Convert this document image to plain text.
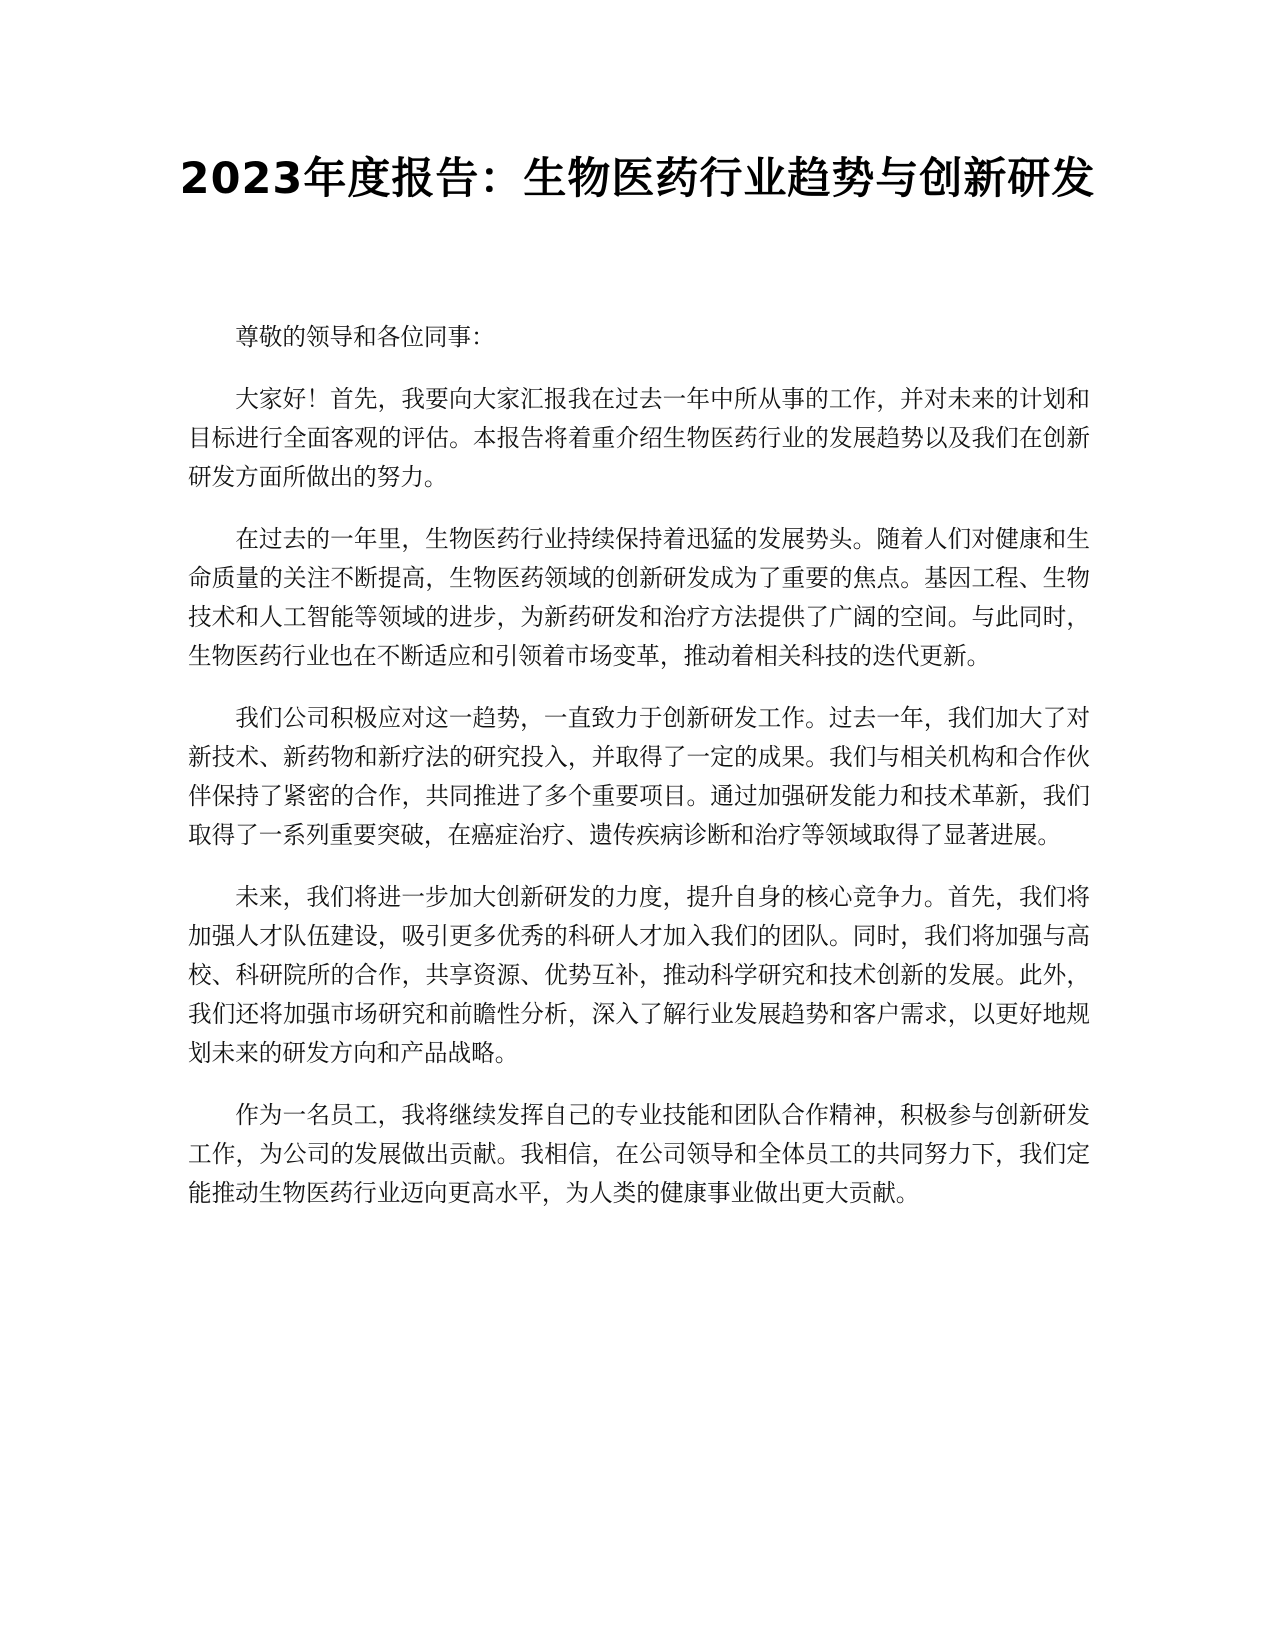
2023年度报告：生物医药行业趋势与创新研发

尊敬的领导和各位同事：

大家好！首先，我要向大家汇报我在过去一年中所从事的工作，并对未来的计划和目标进行全面客观的评估。本报告将着重介绍生物医药行业的发展趋势以及我们在创新研发方面所做出的努力。

在过去的一年里，生物医药行业持续保持着迅猛的发展势头。随着人们对健康和生命质量的关注不断提高，生物医药领域的创新研发成为了重要的焦点。基因工程、生物技术和人工智能等领域的进步，为新药研发和治疗方法提供了广阔的空间。与此同时，生物医药行业也在不断适应和引领着市场变革，推动着相关科技的迭代更新。

我们公司积极应对这一趋势，一直致力于创新研发工作。过去一年，我们加大了对新技术、新药物和新疗法的研究投入，并取得了一定的成果。我们与相关机构和合作伙伴保持了紧密的合作，共同推进了多个重要项目。通过加强研发能力和技术革新，我们取得了一系列重要突破，在癌症治疗、遗传疾病诊断和治疗等领域取得了显著进展。

未来，我们将进一步加大创新研发的力度，提升自身的核心竞争力。首先，我们将加强人才队伍建设，吸引更多优秀的科研人才加入我们的团队。同时，我们将加强与高校、科研院所的合作，共享资源、优势互补，推动科学研究和技术创新的发展。此外，我们还将加强市场研究和前瞻性分析，深入了解行业发展趋势和客户需求，以更好地规划未来的研发方向和产品战略。

作为一名员工，我将继续发挥自己的专业技能和团队合作精神，积极参与创新研发工作，为公司的发展做出贡献。我相信，在公司领导和全体员工的共同努力下，我们定能推动生物医药行业迈向更高水平，为人类的健康事业做出更大贡献。
